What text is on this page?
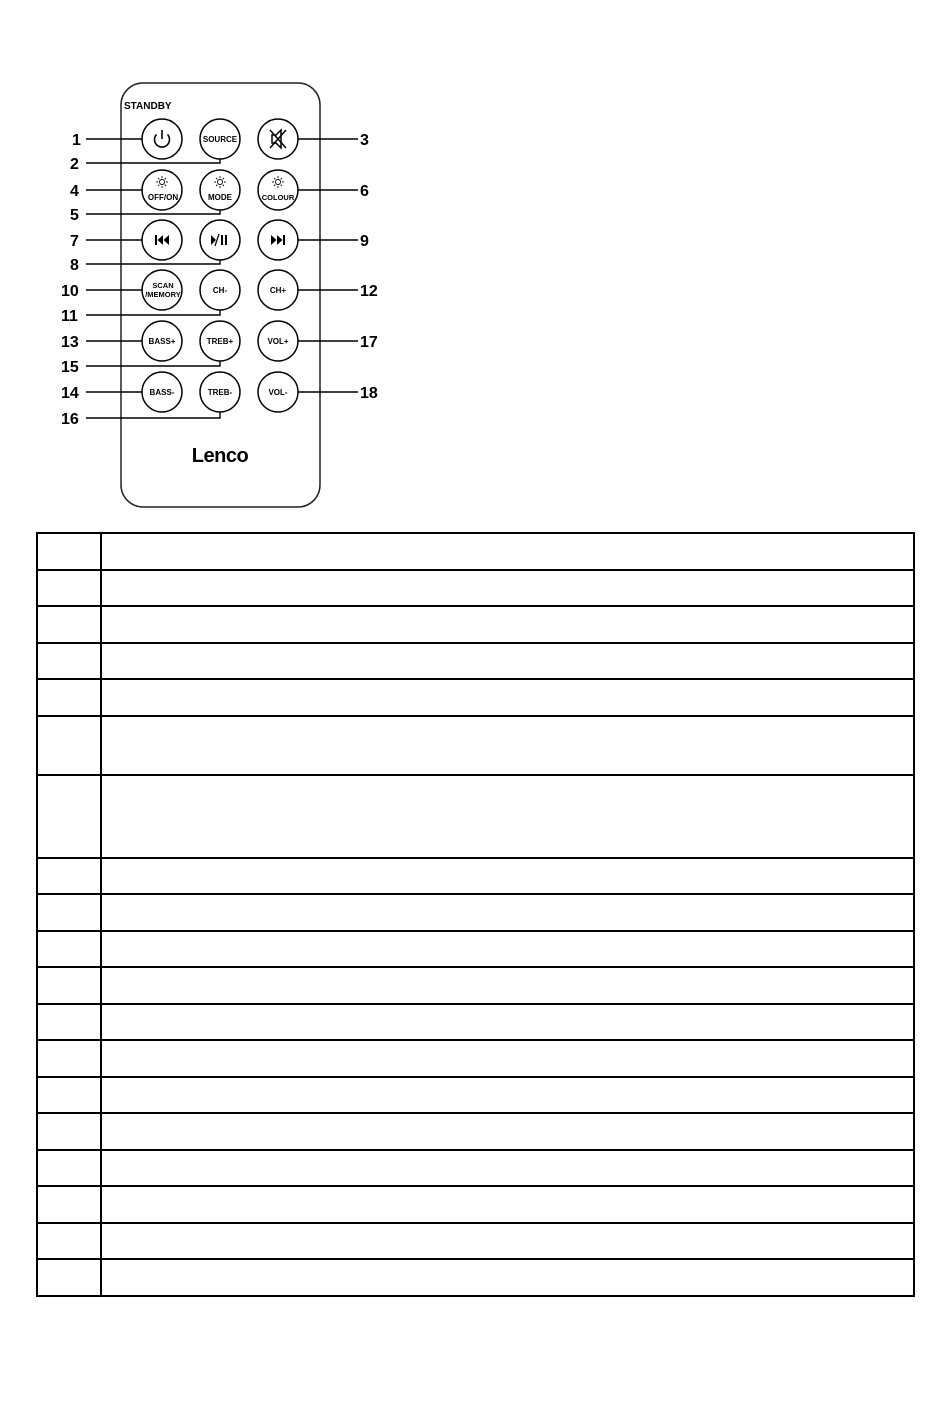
STANDBY
SOURCE
OFF/ON	MODE	COLOUR
SCAN
/MEMORY	CH-	CH+
BASS+	TREB+	VOL+
BASS-	TREB-	VOL-
Lenco
1
2
3
4
5
6
7
8
9
10
11
12
13
15
17
14
16
18
